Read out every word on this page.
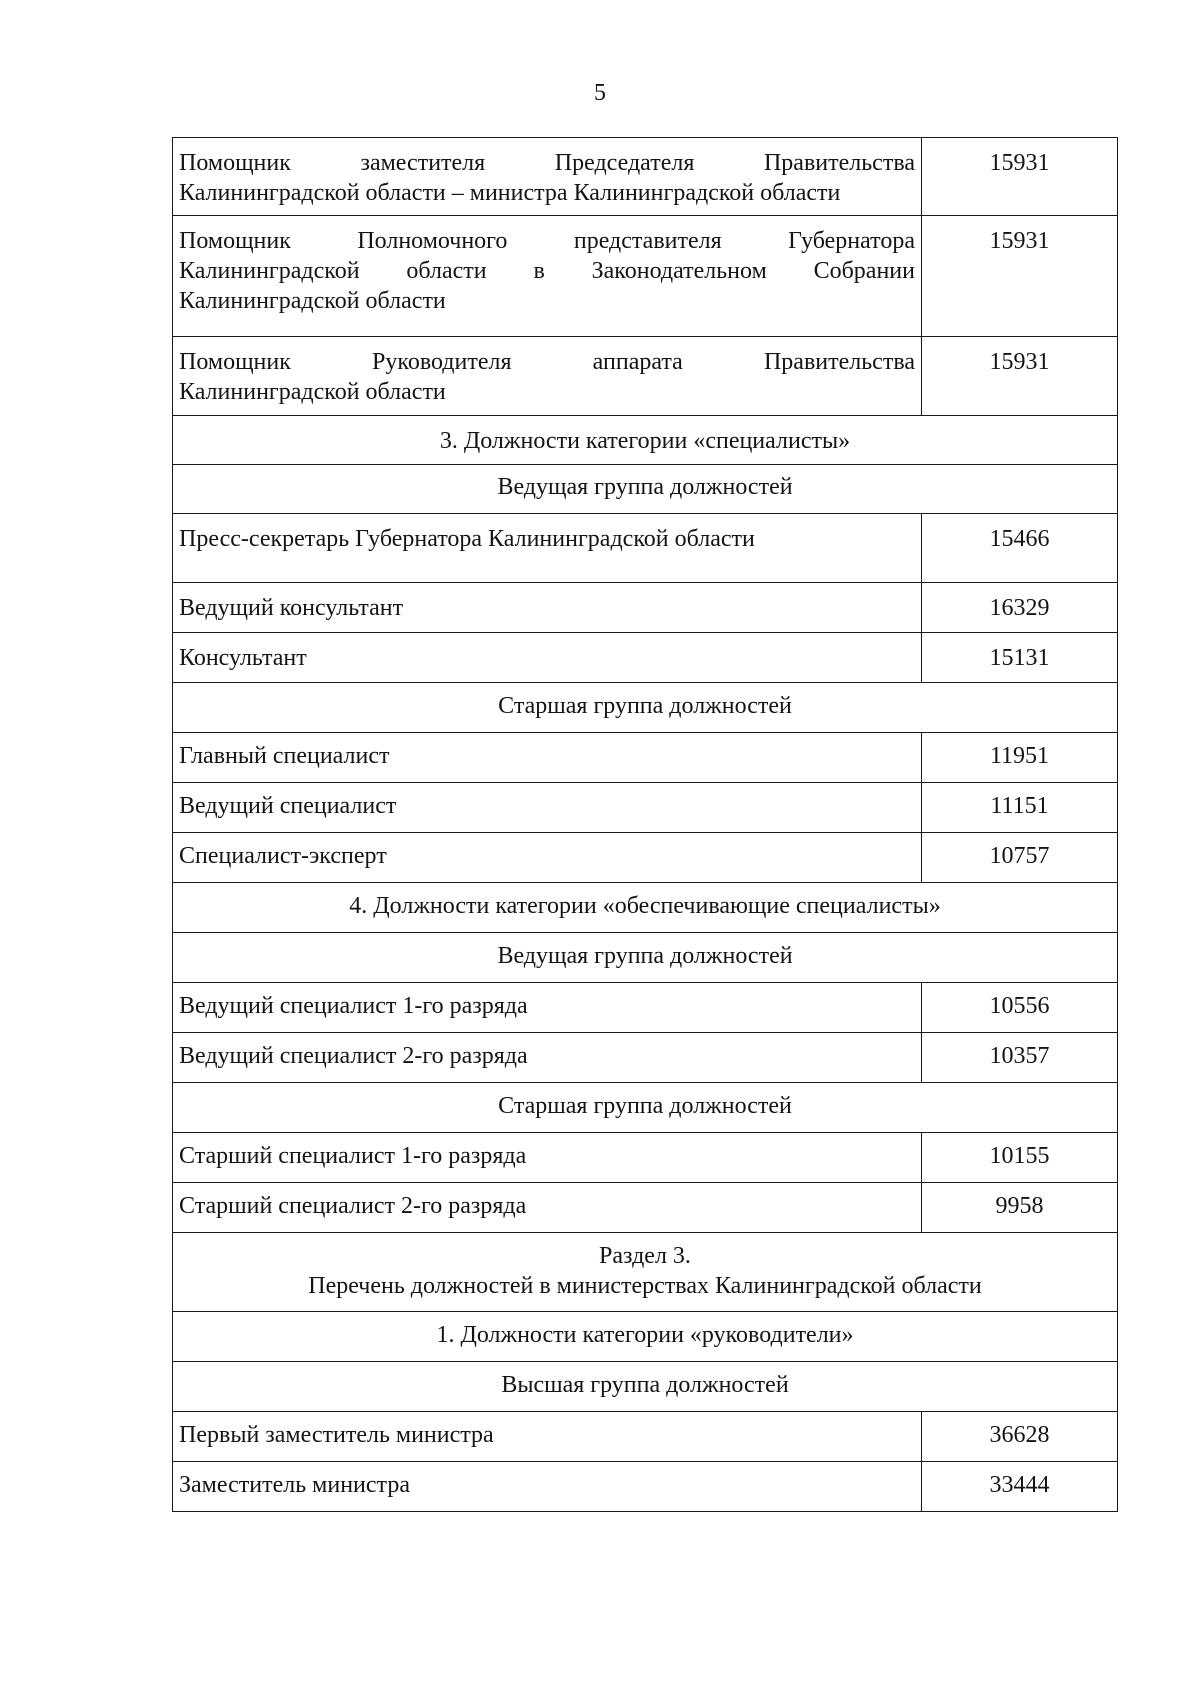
5
Помощник заместителя Председателя Правительства
Калининградской области – министра Калининградской области	15931

Помощник Полномочного представителя Губернатора
Калининградской области в Законодательном Собрании
Калининградской области	15931

Помощник Руководителя аппарата Правительства
Калининградской области	15931
3. Должности категории «специалисты»	
Ведущая группа должностей	
Пресс-секретарь Губернатора Калининградской области	15466
Ведущий консультант	16329
Консультант	15131
Старшая группа должностей	
Главный специалист	11951
Ведущий специалист	11151
Специалист-эксперт	10757
4. Должности категории «обеспечивающие специалисты»	
Ведущая группа должностей	
Ведущий специалист 1-го разряда	10556
Ведущий специалист 2-го разряда	10357
Старшая группа должностей	
Старший специалист 1-го разряда	10155
Старший специалист 2-го разряда	9958

Раздел 3.
Перечень должностей в министерствах Калининградской области	

1. Должности категории «руководители»	
Высшая группа должностей	
Первый заместитель министра	36628
Заместитель министра	33444
